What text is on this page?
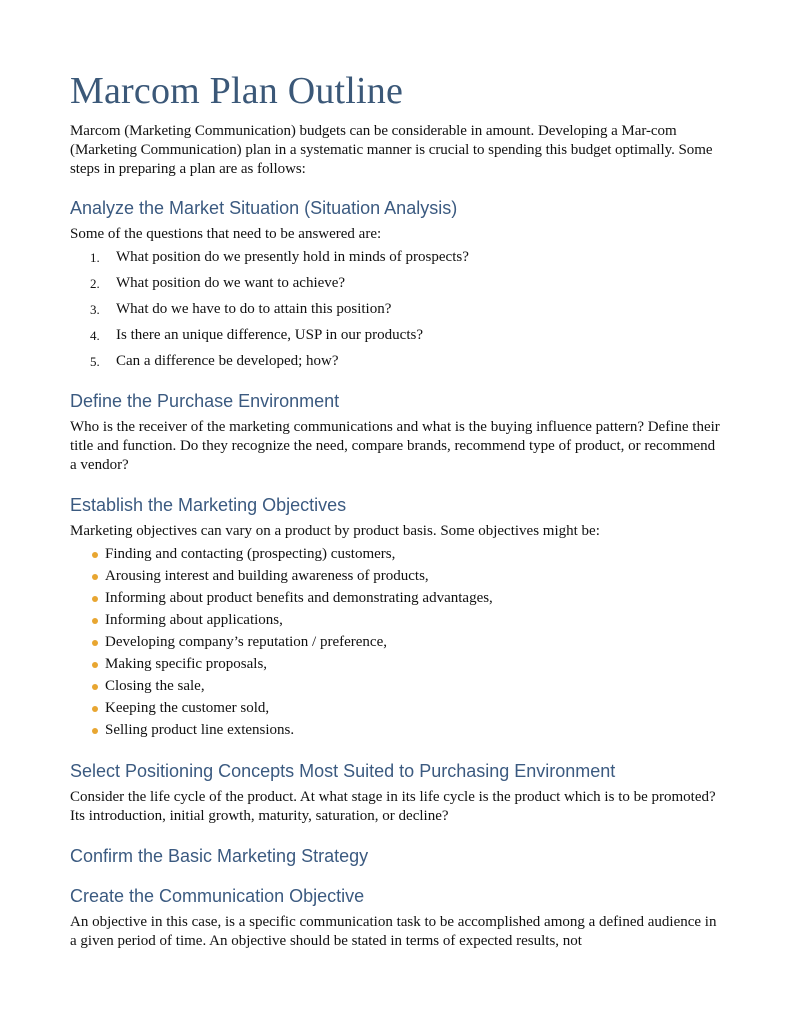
Marcom Plan Outline

Marcom (Marketing Communication) budgets can be considerable in amount. Developing a Mar-com (Marketing Communication) plan in a systematic manner is crucial to spending this budget optimally. Some steps in preparing a plan are as follows:

Analyze the Market Situation (Situation Analysis)

Some of the questions that need to be answered are:

1. What position do we presently hold in minds of prospects?
2. What position do we want to achieve?
3. What do we have to do to attain this position?
4. Is there an unique difference, USP in our products?
5. Can a difference be developed; how?
Define the Purchase Environment

Who is the receiver of the marketing communications and what is the buying influence pattern? Define their title and function. Do they recognize the need, compare brands, recommend type of product, or recommend a vendor?

Establish the Marketing Objectives

Marketing objectives can vary on a product by product basis. Some objectives might be:

Finding and contacting (prospecting) customers,
Arousing interest and building awareness of products,
Informing about product benefits and demonstrating advantages,
Informing about applications,
Developing company’s reputation / preference,
Making specific proposals,
Closing the sale,
Keeping the customer sold,
Selling product line extensions.
Select Positioning Concepts Most Suited to Purchasing Environment

Consider the life cycle of the product. At what stage in its life cycle is the product which is to be promoted? Its introduction, initial growth, maturity, saturation, or decline?

Confirm the Basic Marketing Strategy
Create the Communication Objective

An objective in this case, is a specific communication task to be accomplished among a defined audience in a given period of time. An objective should be stated in terms of expected results, not
